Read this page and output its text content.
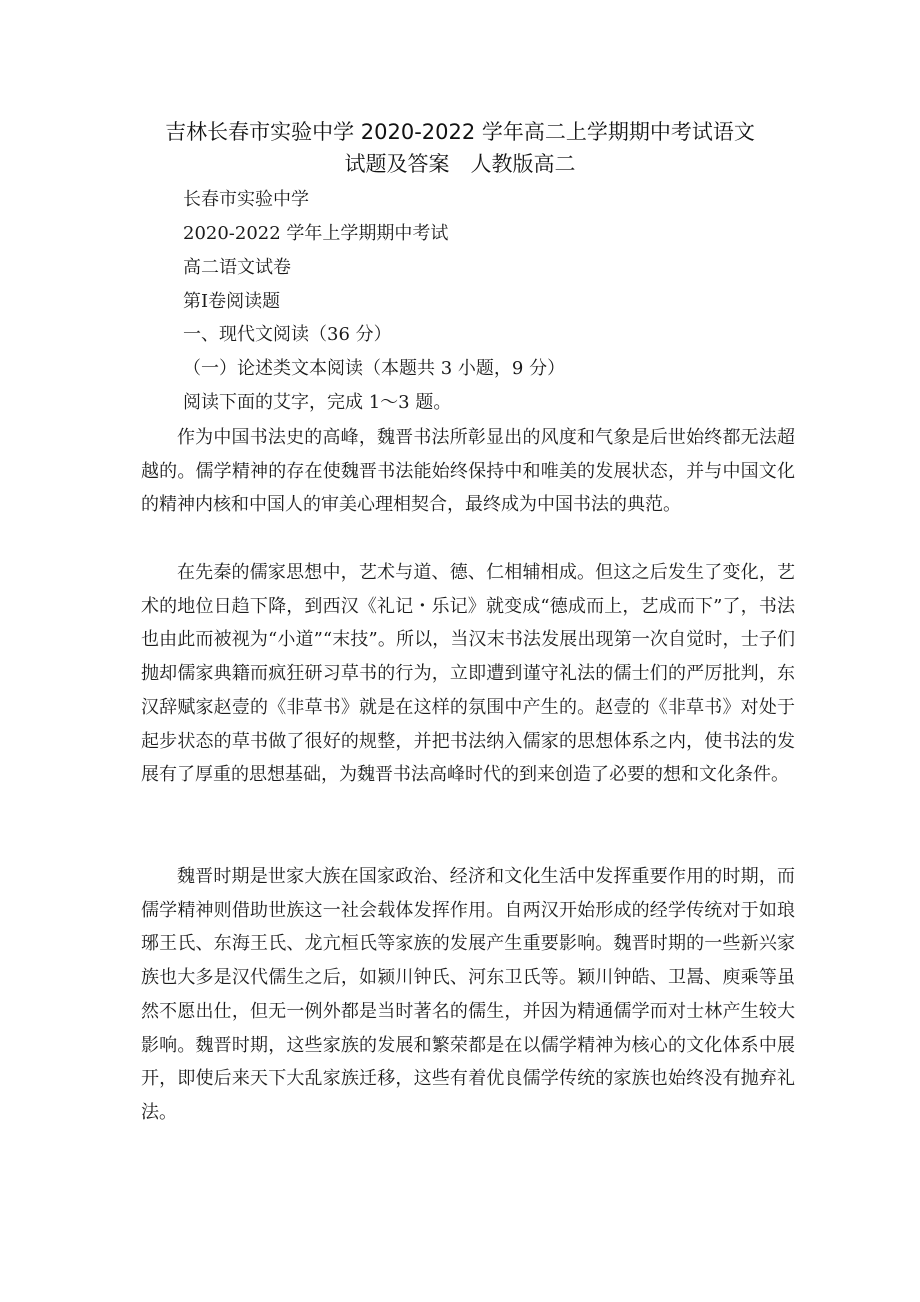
吉林长春市实验中学 2020-2022 学年高二上学期期中考试语文
试题及答案　人教版高二
长春市实验中学
2020-2022 学年上学期期中考试
高二语文试卷
第Ⅰ卷阅读题
一、现代文阅读（36 分）
（一）论述类文本阅读（本题共 3 小题，9 分）
阅读下面的艾字，完成 1～3 题。

作为中国书法史的高峰，魏晋书法所彰显出的风度和气象是后世始终都无法超越的。儒学精神的存在使魏晋书法能始终保持中和唯美的发展状态，并与中国文化的精神内核和中国人的审美心理相契合，最终成为中国书法的典范。

在先秦的儒家思想中，艺术与道、德、仁相辅相成。但这之后发生了变化，艺术的地位日趋下降，到西汉《礼记・乐记》就变成“德成而上，艺成而下”了，书法也由此而被视为“小道”“末技”。所以，当汉末书法发展出现第一次自觉时，士子们抛却儒家典籍而疯狂研习草书的行为，立即遭到谨守礼法的儒士们的严厉批判，东汉辞赋家赵壹的《非草书》就是在这样的氛围中产生的。赵壹的《非草书》对处于起步状态的草书做了很好的规整，并把书法纳入儒家的思想体系之内，使书法的发展有了厚重的思想基础，为魏晋书法高峰时代的到来创造了必要的想和文化条件。

魏晋时期是世家大族在国家政治、经济和文化生活中发挥重要作用的时期，而儒学精神则借助世族这一社会载体发挥作用。自两汉开始形成的经学传统对于如琅琊王氏、东海王氏、龙亢桓氏等家族的发展产生重要影响。魏晋时期的一些新兴家族也大多是汉代儒生之后，如颍川钟氏、河东卫氏等。颖川钟皓、卫暠、庾乘等虽然不愿出仕，但无一例外都是当时著名的儒生，并因为精通儒学而对士林产生较大影响。魏晋时期，这些家族的发展和繁荣都是在以儒学精神为核心的文化体系中展开，即使后来天下大乱家族迁移，这些有着优良儒学传统的家族也始终没有抛弃礼法。
